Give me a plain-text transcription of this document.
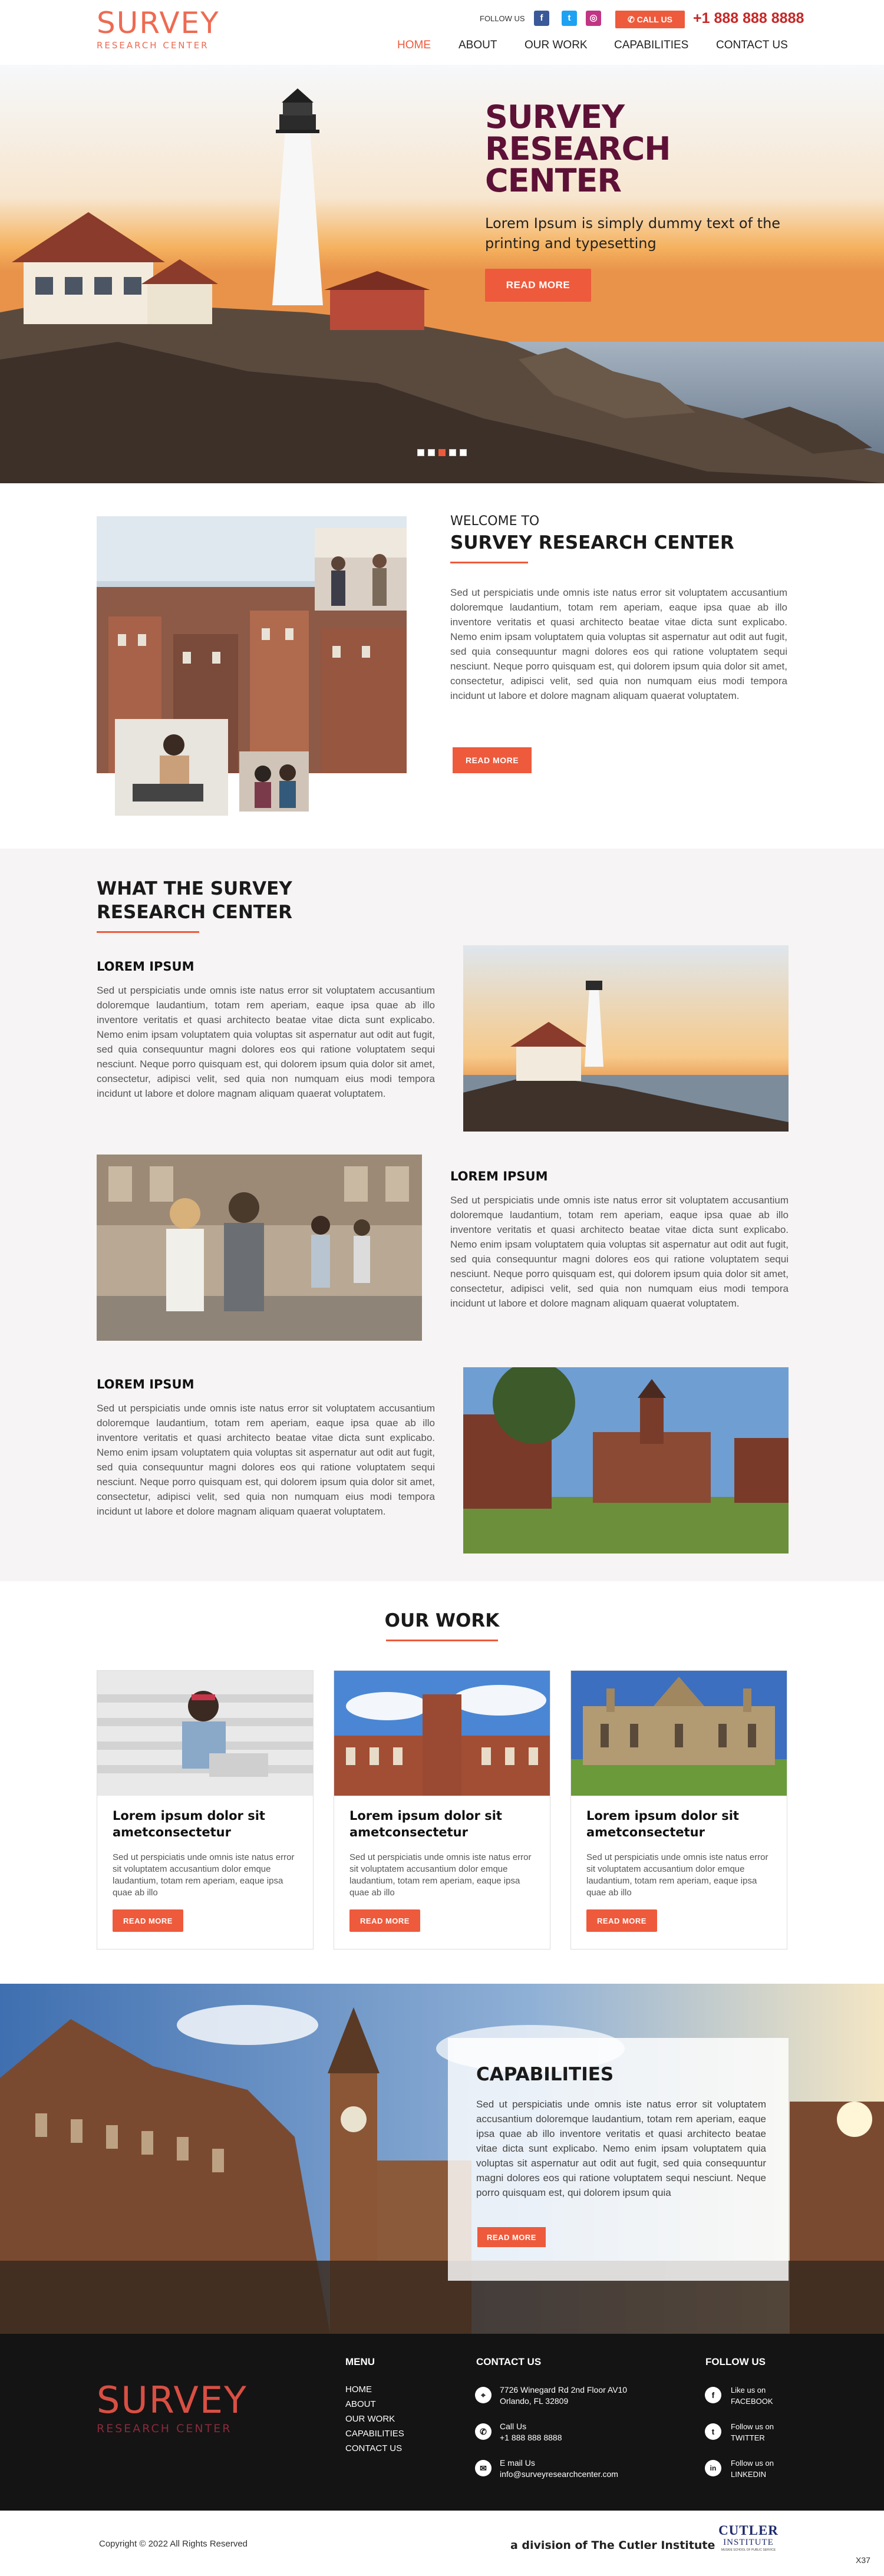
SURVEY
RESEARCH CENTER
FOLLOW US	f	t	◎	✆ CALL US	+1 888 888 8888
HOME ABOUT OUR WORK CAPABILITIES CONTACT US
SURVEY
RESEARCH
CENTER
Lorem Ipsum is simply dummy text of the printing and typesetting
READ MORE
WELCOME TO
SURVEY RESEARCH CENTER
Sed ut perspiciatis unde omnis iste natus error sit voluptatem accusantium doloremque laudantium, totam rem aperiam, eaque ipsa quae ab illo inventore veritatis et quasi architecto beatae vitae dicta sunt explicabo. Nemo enim ipsam voluptatem quia voluptas sit aspernatur aut odit aut fugit, sed quia consequuntur magni dolores eos qui ratione voluptatem sequi nesciunt. Neque porro quisquam est, qui dolorem ipsum quia dolor sit amet, consectetur, adipisci velit, sed quia non numquam eius modi tempora incidunt ut labore et dolore magnam aliquam quaerat voluptatem.
READ MORE
WHAT THE SURVEY
RESEARCH CENTER
LOREM IPSUM
Sed ut perspiciatis unde omnis iste natus error sit voluptatem accusantium doloremque laudantium, totam rem aperiam, eaque ipsa quae ab illo inventore veritatis et quasi architecto beatae vitae dicta sunt explicabo. Nemo enim ipsam voluptatem quia voluptas sit aspernatur aut odit aut fugit, sed quia consequuntur magni dolores eos qui ratione voluptatem sequi nesciunt. Neque porro quisquam est, qui dolorem ipsum quia dolor sit amet, consectetur, adipisci velit, sed quia non numquam eius modi tempora incidunt ut labore et dolore magnam aliquam quaerat voluptatem.
LOREM IPSUM
Sed ut perspiciatis unde omnis iste natus error sit voluptatem accusantium doloremque laudantium, totam rem aperiam, eaque ipsa quae ab illo inventore veritatis et quasi architecto beatae vitae dicta sunt explicabo. Nemo enim ipsam voluptatem quia voluptas sit aspernatur aut odit aut fugit, sed quia consequuntur magni dolores eos qui ratione voluptatem sequi nesciunt. Neque porro quisquam est, qui dolorem ipsum quia dolor sit amet, consectetur, adipisci velit, sed quia non numquam eius modi tempora incidunt ut labore et dolore magnam aliquam quaerat voluptatem.
LOREM IPSUM
Sed ut perspiciatis unde omnis iste natus error sit voluptatem accusantium doloremque laudantium, totam rem aperiam, eaque ipsa quae ab illo inventore veritatis et quasi architecto beatae vitae dicta sunt explicabo. Nemo enim ipsam voluptatem quia voluptas sit aspernatur aut odit aut fugit, sed quia consequuntur magni dolores eos qui ratione voluptatem sequi nesciunt. Neque porro quisquam est, qui dolorem ipsum quia dolor sit amet, consectetur, adipisci velit, sed quia non numquam eius modi tempora incidunt ut labore et dolore magnam aliquam quaerat voluptatem.
OUR WORK
Lorem ipsum dolor sit ametconsectetur
Sed ut perspiciatis unde omnis iste natus error sit voluptatem accusantium dolor emque laudantium, totam rem aperiam, eaque ipsa quae ab illo
READ MORE
Lorem ipsum dolor sit ametconsectetur
Sed ut perspiciatis unde omnis iste natus error sit voluptatem accusantium dolor emque laudantium, totam rem aperiam, eaque ipsa quae ab illo
READ MORE
Lorem ipsum dolor sit ametconsectetur
Sed ut perspiciatis unde omnis iste natus error sit voluptatem accusantium dolor emque laudantium, totam rem aperiam, eaque ipsa quae ab illo
READ MORE
CAPABILITIES
Sed ut perspiciatis unde omnis iste natus error sit voluptatem accusantium doloremque laudantium, totam rem aperiam, eaque ipsa quae ab illo inventore veritatis et quasi architecto beatae vitae dicta sunt explicabo. Nemo enim ipsam voluptatem quia voluptas sit aspernatur aut odit aut fugit, sed quia consequuntur magni dolores eos qui ratione voluptatem sequi nesciunt. Neque porro quisquam est, qui dolorem ipsum quia
READ MORE
SURVEY
RESEARCH CENTER
MENU
HOME
ABOUT
OUR WORK
CAPABILITIES
CONTACT US
CONTACT US
⌖
7726 Winegard Rd 2nd Floor AV10
Orlando, FL 32809
✆
Call Us
+1 888 888 8888
✉
E mail Us
info@surveyresearchcenter.com
FOLLOW US
f
Like us on
FACEBOOK
t
Follow us on
TWITTER
in
Follow us on
LINKEDIN
Copyright © 2022 All Rights Reserved	a division of The Cutler Institute
CUTLER
INSTITUTE
MUSKIE SCHOOL OF PUBLIC SERVICE
X37
